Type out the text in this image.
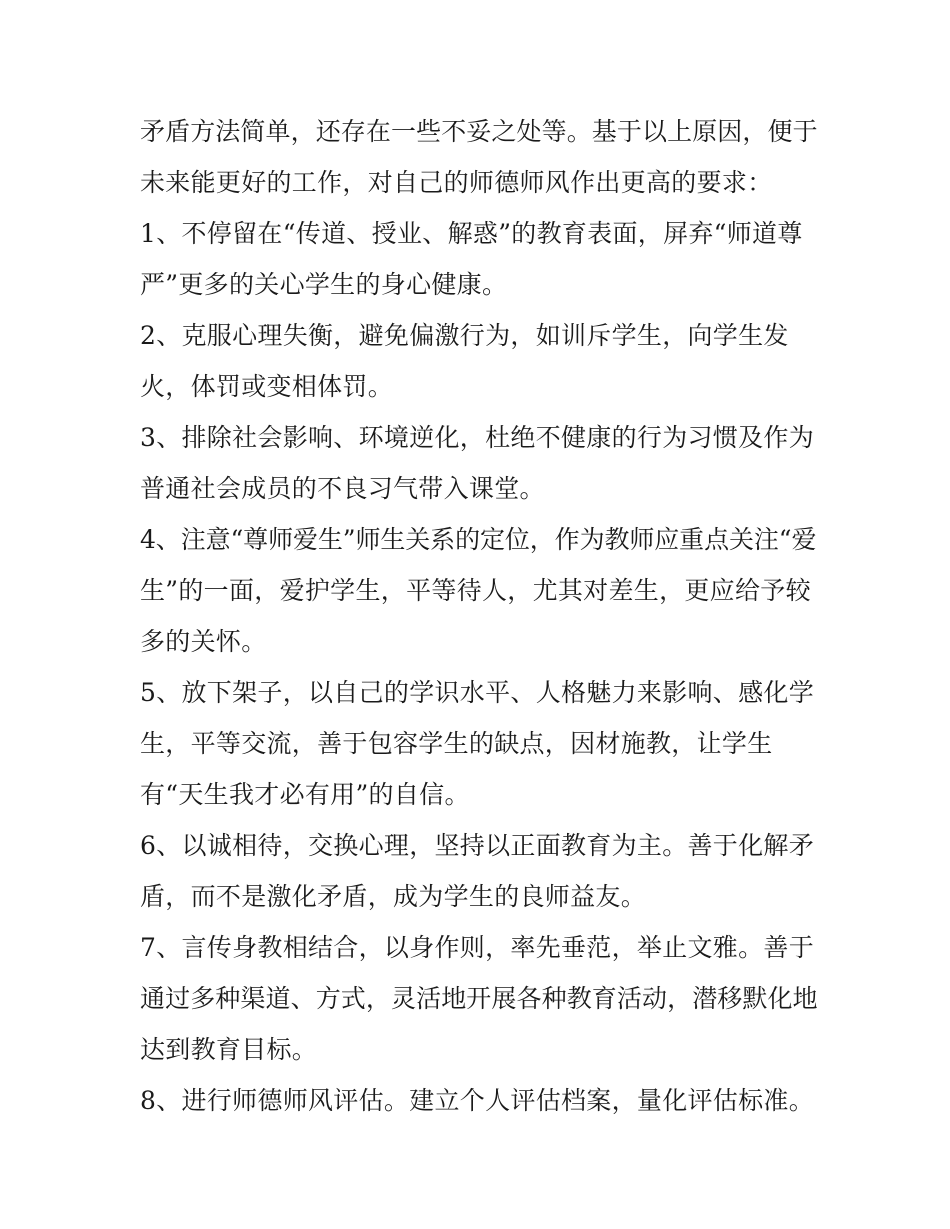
矛盾方法简单，还存在一些不妥之处等。基于以上原因，便于
未来能更好的工作，对自己的师德师风作出更高的要求：
1、不停留在“传道、授业、解惑”的教育表面，屏弃“师道尊
严”更多的关心学生的身心健康。
2、克服心理失衡，避免偏激行为，如训斥学生，向学生发
火，体罚或变相体罚。
3、排除社会影响、环境逆化，杜绝不健康的行为习惯及作为
普通社会成员的不良习气带入课堂。
4、注意“尊师爱生”师生关系的定位，作为教师应重点关注“爱
生”的一面，爱护学生，平等待人，尤其对差生，更应给予较
多的关怀。
5、放下架子，以自己的学识水平、人格魅力来影响、感化学
生，平等交流，善于包容学生的缺点，因材施教，让学生
有“天生我才必有用”的自信。
6、以诚相待，交换心理，坚持以正面教育为主。善于化解矛
盾，而不是激化矛盾，成为学生的良师益友。
7、言传身教相结合，以身作则，率先垂范，举止文雅。善于
通过多种渠道、方式，灵活地开展各种教育活动，潜移默化地
达到教育目标。
8、进行师德师风评估。建立个人评估档案，量化评估标准。
